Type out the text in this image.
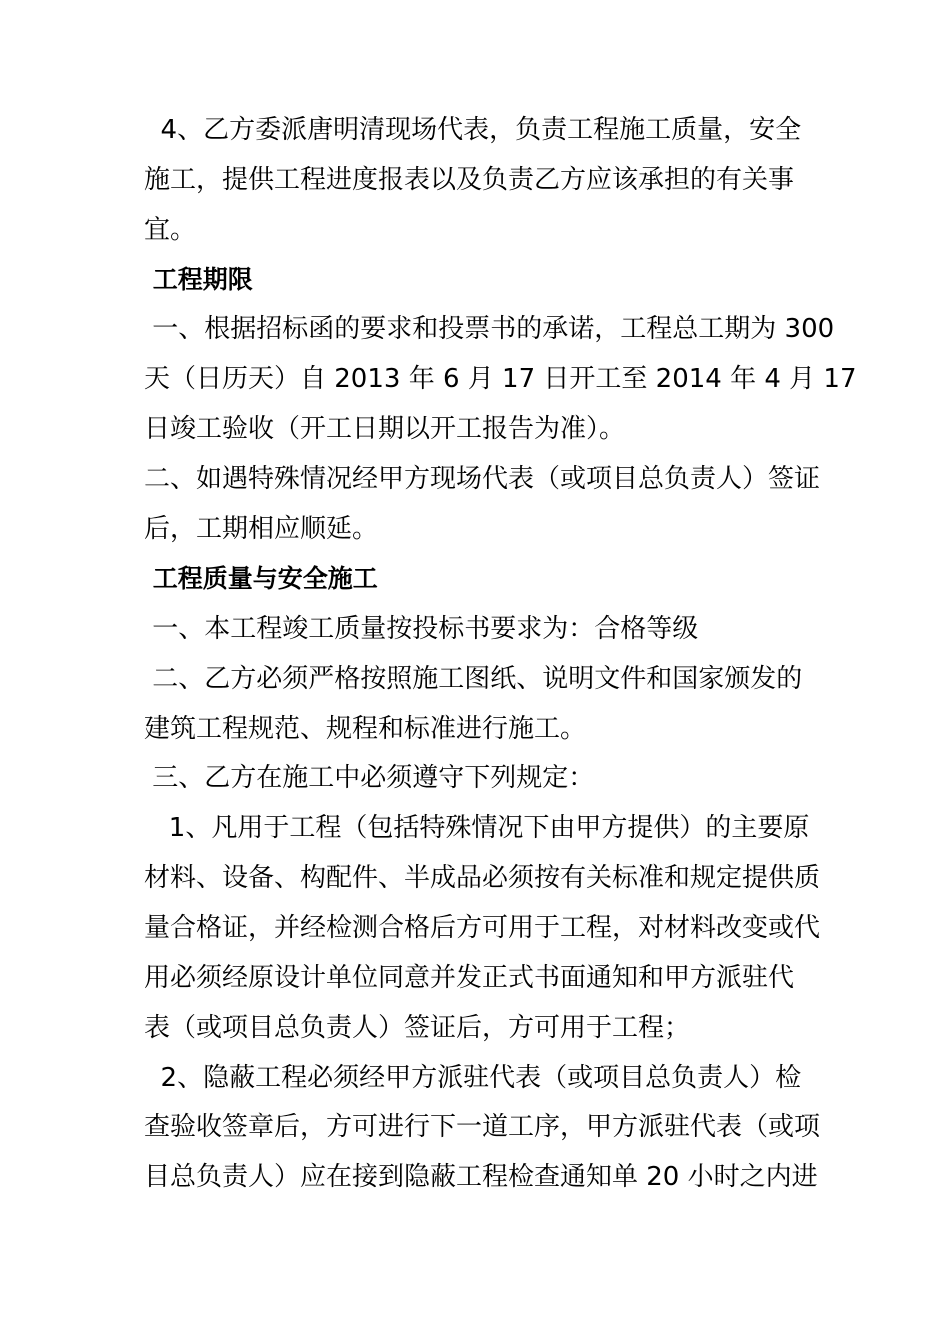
4、乙方委派唐明清现场代表，负责工程施工质量，安全
施工，提供工程进度报表以及负责乙方应该承担的有关事
宜。
工程期限
一、根据招标函的要求和投票书的承诺，工程总工期为 300
天（日历天）自 2013 年 6 月 17 日开工至 2014 年 4 月 17
日竣工验收（开工日期以开工报告为准）。
二、如遇特殊情况经甲方现场代表（或项目总负责人）签证
后，工期相应顺延。
工程质量与安全施工
一、本工程竣工质量按投标书要求为：合格等级
二、乙方必须严格按照施工图纸、说明文件和国家颁发的
建筑工程规范、规程和标准进行施工。
三、乙方在施工中必须遵守下列规定：
1、凡用于工程（包括特殊情况下由甲方提供）的主要原
材料、设备、构配件、半成品必须按有关标准和规定提供质
量合格证，并经检测合格后方可用于工程，对材料改变或代
用必须经原设计单位同意并发正式书面通知和甲方派驻代
表（或项目总负责人）签证后，方可用于工程；
2、隐蔽工程必须经甲方派驻代表（或项目总负责人）检
查验收签章后，方可进行下一道工序，甲方派驻代表（或项
目总负责人）应在接到隐蔽工程检查通知单 20 小时之内进
